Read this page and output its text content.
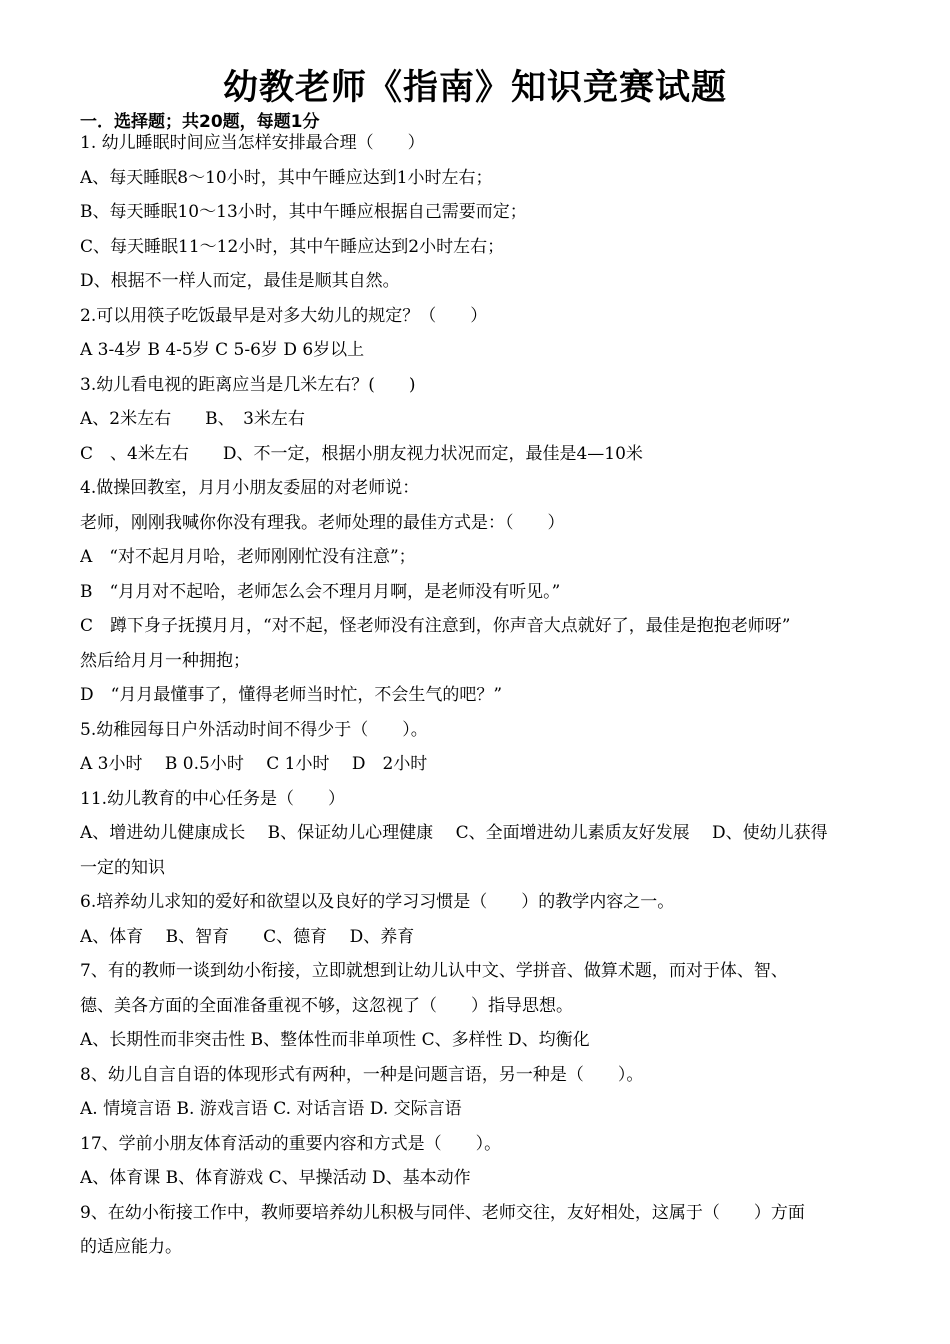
幼教老师《指南》知识竞赛试题
一．选择题；共20题，每题1分
1. 幼儿睡眠时间应当怎样安排最合理（　　）
A、每天睡眠8～10小时，其中午睡应达到1小时左右；
B、每天睡眠10～13小时，其中午睡应根据自己需要而定；
C、每天睡眠11～12小时，其中午睡应达到2小时左右；
D、根据不一样人而定，最佳是顺其自然。
2.可以用筷子吃饭最早是对多大幼儿的规定？（　　）
A 3-4岁 B 4-5岁 C 5-6岁 D 6岁以上
3.幼儿看电视的距离应当是几米左右？(　　)
A、2米左右　　B、　3米左右
C　、4米左右　　D、不一定，根据小朋友视力状况而定，最佳是4—10米
4.做操回教室，月月小朋友委屈的对老师说：
老师，刚刚我喊你你没有理我。老师处理的最佳方式是：（　　）
A　“对不起月月哈，老师刚刚忙没有注意”；
B　“月月对不起哈，老师怎么会不理月月啊，是老师没有听见。”
C　蹲下身子抚摸月月，“对不起，怪老师没有注意到，你声音大点就好了，最佳是抱抱老师呀”
然后给月月一种拥抱；
D　“月月最懂事了，懂得老师当时忙，不会生气的吧？”
5.幼稚园每日户外活动时间不得少于（　　）。
A 3小时　 B 0.5小时　 C 1小时　 D　2小时
11.幼儿教育的中心任务是（　　）
A、增进幼儿健康成长　 B、保证幼儿心理健康　 C、全面增进幼儿素质友好发展　 D、使幼儿获得
一定的知识
6.培养幼儿求知的爱好和欲望以及良好的学习习惯是（　　）的教学内容之一。
A、体育　 B、智育　　C、德育　 D、养育
7、有的教师一谈到幼小衔接，立即就想到让幼儿认中文、学拼音、做算术题，而对于体、智、
德、美各方面的全面准备重视不够，这忽视了（　　）指导思想。
A、长期性而非突击性 B、整体性而非单项性 C、多样性 D、均衡化
8、幼儿自言自语的体现形式有两种，一种是问题言语，另一种是（　　）。
A. 情境言语 B. 游戏言语 C. 对话言语 D. 交际言语
17、学前小朋友体育活动的重要内容和方式是（　　）。
A、体育课 B、体育游戏 C、早操活动 D、基本动作
9、在幼小衔接工作中，教师要培养幼儿积极与同伴、老师交往，友好相处，这属于（　　）方面
的适应能力。
